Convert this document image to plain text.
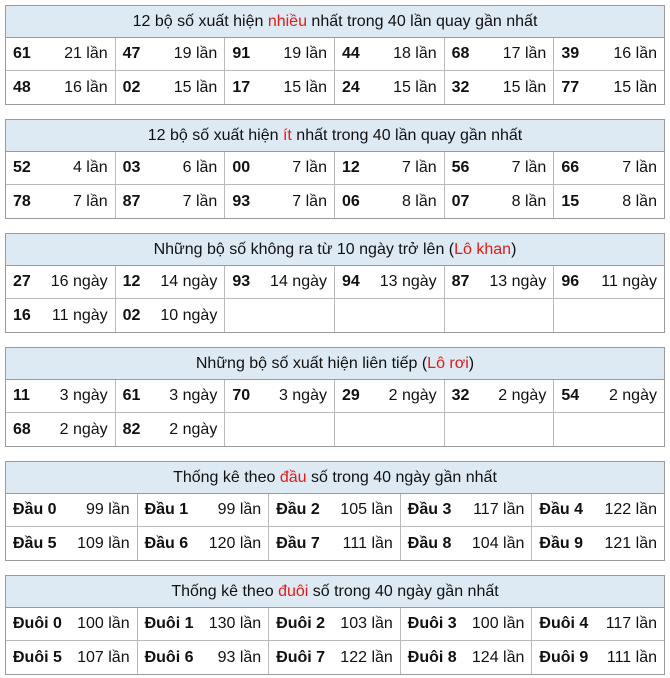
12 bộ số xuất hiện nhiều nhất trong 40 lần quay gần nhất
61 21 lần 47 19 lần 91 19 lần 44 18 lần 68 17 lần 39 16 lần
48 16 lần 02 15 lần 17 15 lần 24 15 lần 32 15 lần 77 15 lần
12 bộ số xuất hiện ít nhất trong 40 lần quay gần nhất
52	4 lần 03	6 lần 00	7 lần 12	7 lần 56	7 lần 66	7 lần
78	7 lần 87	7 lần 93	7 lần 06	8 lần 07	8 lần 15	8 lần
Những bộ số không ra từ 10 ngày trở lên (Lô khan)
27 16 ngày 12 14 ngày 93 14 ngày 94 13 ngày 87 13 ngày 96 11 ngày
16 11 ngày 02 10 ngày
Những bộ số xuất hiện liên tiếp (Lô rơi)
11 3 ngày 61 3 ngày 70 3 ngày 29 2 ngày 32 2 ngày 54 2 ngày
68 2 ngày 82 2 ngày
Thống kê theo đầu số trong 40 ngày gần nhất
Đầu 0 99 lần Đầu 1 99 lần Đầu 2 105 lần Đầu 3 117 lần Đầu 4 122 lần
Đầu 5 109 lần Đầu 6 120 lần Đầu 7 111 lần Đầu 8 104 lần Đầu 9 121 lần
Thống kê theo đuôi số trong 40 ngày gần nhất
Đuôi 0 100 lần Đuôi 1 130 lần Đuôi 2 103 lần Đuôi 3 100 lần Đuôi 4 117 lần
Đuôi 5 107 lần Đuôi 6 93 lần Đuôi 7 122 lần Đuôi 8 124 lần Đuôi 9 111 lần
